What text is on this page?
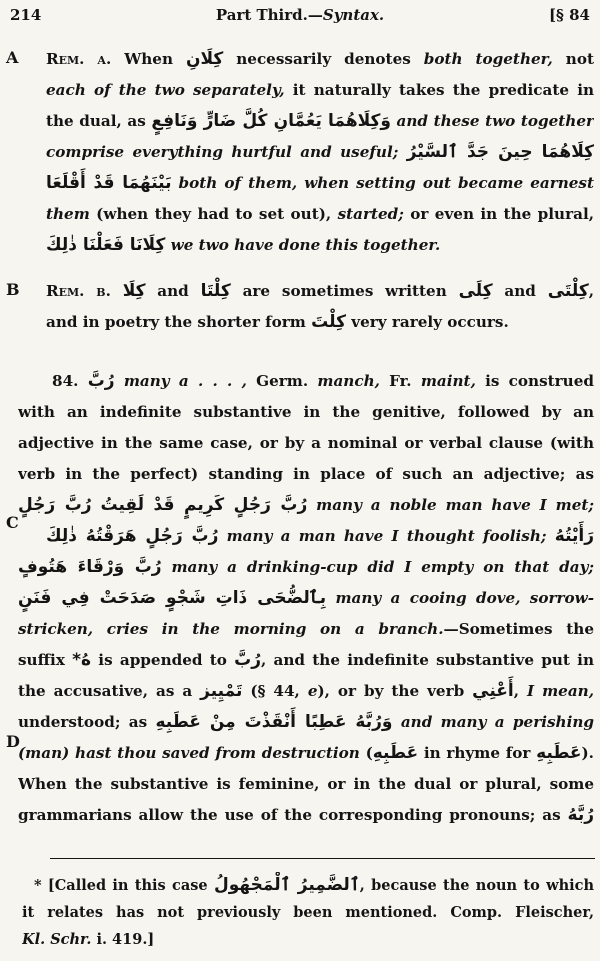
214	Part Third.—Syntax.	[§ 84
A
B
C
D
Rem. a. When كِلَانِ necessarily denotes both together, not
each of the two separately, it naturally takes the predicate in
the dual, as وَكِلَاهُمَا يَعُمَّانِ كُلَّ ضَارٍّ وَنَافِعٍ and these two together
comprise everything hurtful and useful; كِلَاهُمَا حِينَ جَدَّ ٱلسَّيْرُ
بَيْنَهُمَا قَدْ أَقْلَعَا both of them, when setting out became earnest
them (when they had to set out), started; or even in the plural,
كِلَانَا فَعَلْنَا ذٰلِكَ we two have done this together.
Rem. b. كِلَا and كِلْتَا are sometimes written كِلَى and كِلْتَى,
and in poetry the shorter form كِلْتَ very rarely occurs.
84. رُبَّ many a . . . , Germ. manch, Fr. maint, is construed
with an indefinite substantive in the genitive, followed by an
adjective in the same case, or by a nominal or verbal clause (with
verb in the perfect) standing in place of such an adjective; as
رُبَّ رَجُلٍ رُبَّ رَجُلٍ كَرِيمٍ قَدْ لَقِيتُ many a noble man have I met;
رُبَّ رَجُلٍ هَرَقْتُهُ ذٰلِكَ many a man have I thought foolish; رَأَيْتُهُ
رُبَّ وَرْقَاءَ هَتُوفٍ many a drinking-cup did I empty on that day;
بِٱلضُّحَى ذَاتِ شَجْوٍ صَدَحَتْ فِي فَنَنٍ many a cooing dove, sorrow-
stricken, cries in the morning on a branch.—Sometimes the
suffix هُ* is appended to رُبَّ, and the indefinite substantive put in
the accusative, as a تَمْيِيز (§ 44, e), or by the verb أَعْنِي, I mean,
understood; as وَرُبَّهُ عَطِبًا أَنْقَذْتَ مِنْ عَطَبِهِ and many a perishing
(man) hast thou saved from destruction (عَطَبِهِ in rhyme for عَطَبِهِ).
When the substantive is feminine, or in the dual or plural, some
grammarians allow the use of the corresponding pronouns; as رُبَّهُ
* [Called in this case ٱلضَّمِيرُ ٱلْمَجْهُولُ, because the noun to which
it relates has not previously been mentioned. Comp. Fleischer,
Kl. Schr. i. 419.]
